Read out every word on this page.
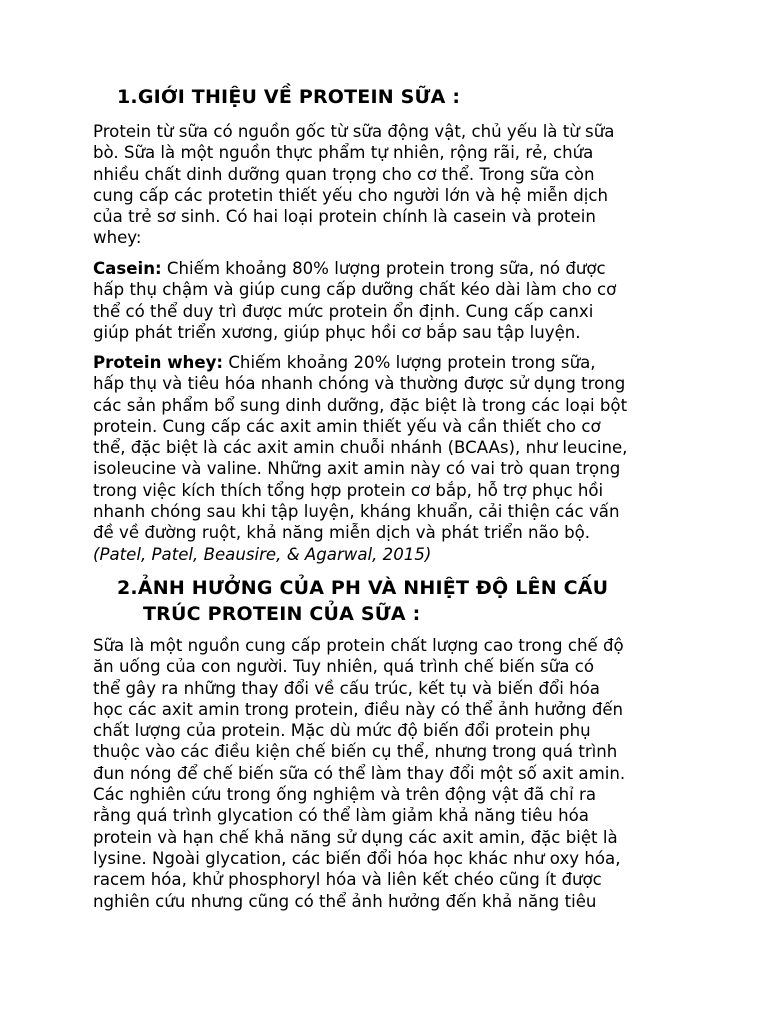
1.GIỚI THIỆU VỀ PROTEIN SỮA :

Protein từ sữa có nguồn gốc từ sữa động vật, chủ yếu là từ sữa
bò. Sữa là một nguồn thực phẩm tự nhiên, rộng rãi, rẻ, chứa
nhiều chất dinh dưỡng quan trọng cho cơ thể. Trong sữa còn
cung cấp các protetin thiết yếu cho người lớn và hệ miễn dịch
của trẻ sơ sinh. Có hai loại protein chính là casein và protein
whey:

Casein: Chiếm khoảng 80% lượng protein trong sữa, nó được
hấp thụ chậm và giúp cung cấp dưỡng chất kéo dài làm cho cơ
thể có thể duy trì được mức protein ổn định. Cung cấp canxi
giúp phát triển xương, giúp phục hồi cơ bắp sau tập luyện.

Protein whey: Chiếm khoảng 20% lượng protein trong sữa,
hấp thụ và tiêu hóa nhanh chóng và thường được sử dụng trong
các sản phẩm bổ sung dinh dưỡng, đặc biệt là trong các loại bột
protein. Cung cấp các axit amin thiết yếu và cần thiết cho cơ
thể, đặc biệt là các axit amin chuỗi nhánh (BCAAs), như leucine,
isoleucine và valine. Những axit amin này có vai trò quan trọng
trong việc kích thích tổng hợp protein cơ bắp, hỗ trợ phục hồi
nhanh chóng sau khi tập luyện, kháng khuẩn, cải thiện các vấn
đề về đường ruột, khả năng miễn dịch và phát triển não bộ.
(Patel, Patel, Beausire, & Agarwal, 2015)

2.ẢNH HƯỞNG CỦA PH VÀ NHIỆT ĐỘ LÊN CẤU
TRÚC PROTEIN CỦA SỮA :

Sữa là một nguồn cung cấp protein chất lượng cao trong chế độ
ăn uống của con người. Tuy nhiên, quá trình chế biến sữa có
thể gây ra những thay đổi về cấu trúc, kết tụ và biến đổi hóa
học các axit amin trong protein, điều này có thể ảnh hưởng đến
chất lượng của protein. Mặc dù mức độ biến đổi protein phụ
thuộc vào các điều kiện chế biến cụ thể, nhưng trong quá trình
đun nóng để chế biến sữa có thể làm thay đổi một số axit amin.
Các nghiên cứu trong ống nghiệm và trên động vật đã chỉ ra
rằng quá trình glycation có thể làm giảm khả năng tiêu hóa
protein và hạn chế khả năng sử dụng các axit amin, đặc biệt là
lysine. Ngoài glycation, các biến đổi hóa học khác như oxy hóa,
racem hóa, khử phosphoryl hóa và liên kết chéo cũng ít được
nghiên cứu nhưng cũng có thể ảnh hưởng đến khả năng tiêu
